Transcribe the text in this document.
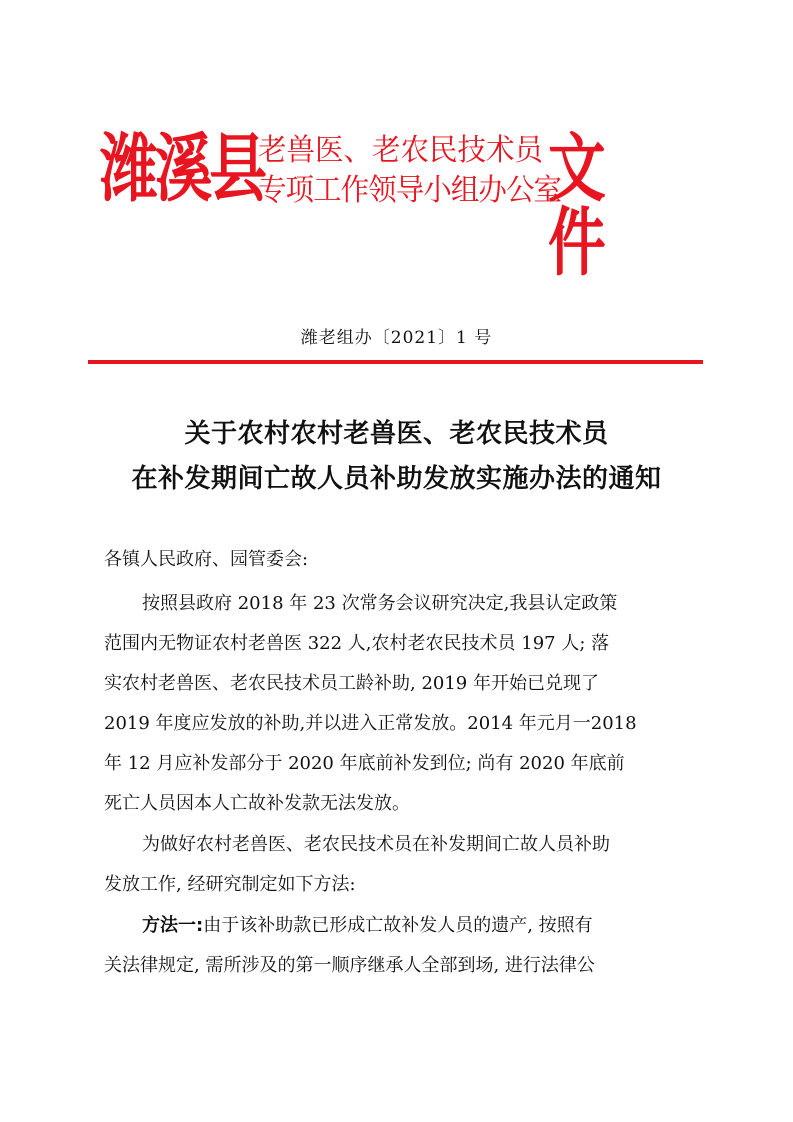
潍溪县
老兽医、老农民技术员
专项工作领导小组办公室
文件
潍老组办〔2021〕1 号
关于农村农村老兽医、老农民技术员
在补发期间亡故人员补助发放实施办法的通知
各镇人民政府、园管委会:
按照县政府 2018 年 23 次常务会议研究决定,我县认定政策
范围内无物证农村老兽医 322 人,农村老农民技术员 197 人; 落
实农村老兽医、老农民技术员工龄补助, 2019 年开始已兑现了
2019 年度应发放的补助,并以进入正常发放。2014 年元月一2018
年 12 月应补发部分于 2020 年底前补发到位; 尚有 2020 年底前
死亡人员因本人亡故补发款无法发放。
为做好农村老兽医、老农民技术员在补发期间亡故人员补助
发放工作, 经研究制定如下方法:
方法一:由于该补助款已形成亡故补发人员的遗产, 按照有
关法律规定, 需所涉及的第一顺序继承人全部到场, 进行法律公
